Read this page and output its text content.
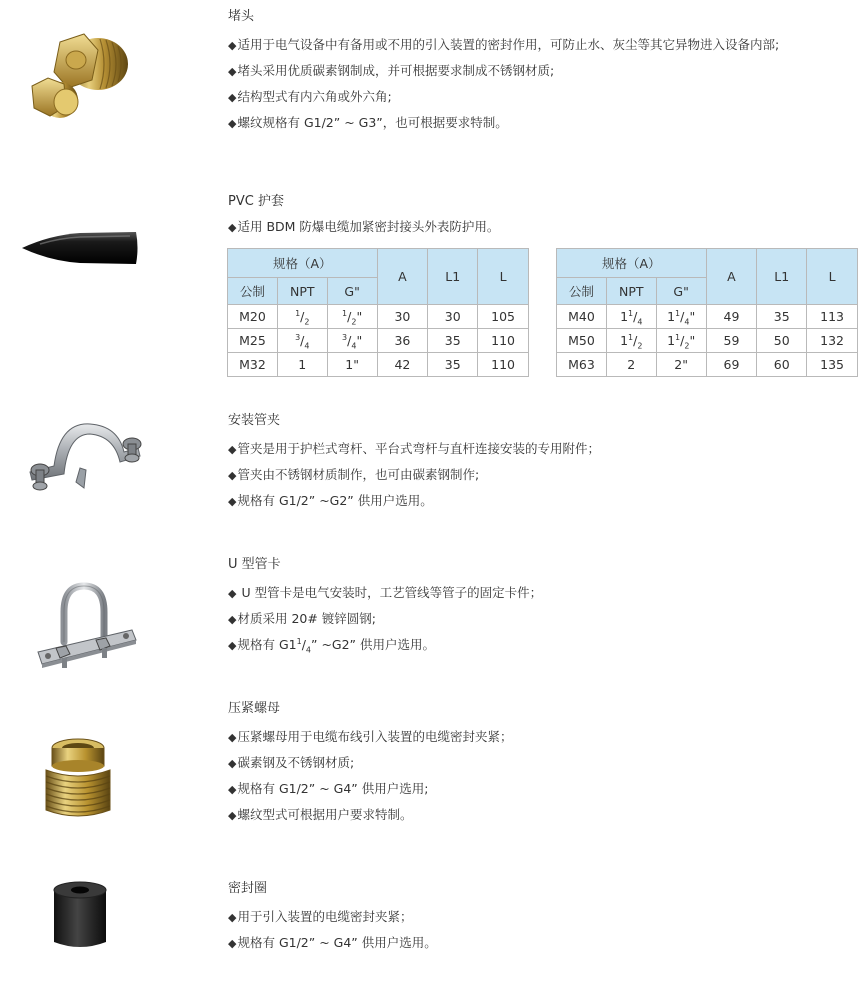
堵头
◆适用于电气设备中有备用或不用的引入装置的密封作用，可防止水、灰尘等其它异物进入设备内部;
◆堵头采用优质碳素钢制成，并可根据要求制成不锈钢材质;
◆结构型式有内六角或外六角;
◆螺纹规格有 G1/2” ~ G3”，也可根据要求特制。
PVC 护套
◆适用 BDM 防爆电缆加紧密封接头外表防护用。
规格（A）			A	L1	L
公制	NPT	G"			
M20	$^1/_2$	$^1/_2$"	30	30	105
M25	$^3/_4$	$^3/_4$"	36	35	110
M32	1	1"	42	35	110
规格（A）			A	L1	L
公制	NPT	G"			
M40	$1^1/_4$	$1^1/_4$"	49	35	113
M50	$1^1/_2$	$1^1/_2$"	59	50	132
M63	2	2"	69	60	135
安装管夹
◆管夹是用于护栏式弯杆、平台式弯杆与直杆连接安装的专用附件；
◆管夹由不锈钢材质制作，也可由碳素钢制作;
◆规格有 G1/2” ~G2” 供用户选用。
U 型管卡
◆ U 型管卡是电气安装时，工艺管线等管子的固定卡件；
◆材质采用 20# 镀锌圆钢;
◆规格有 $G1^1/_4$” ~G2” 供用户选用。
压紧螺母
◆压紧螺母用于电缆布线引入装置的电缆密封夹紧；
◆碳素钢及不锈钢材质;
◆规格有 G1/2” ~ G4” 供用户选用;
◆螺纹型式可根据用户要求特制。
密封圈
◆用于引入装置的电缆密封夹紧；
◆规格有 G1/2” ~ G4” 供用户选用。
